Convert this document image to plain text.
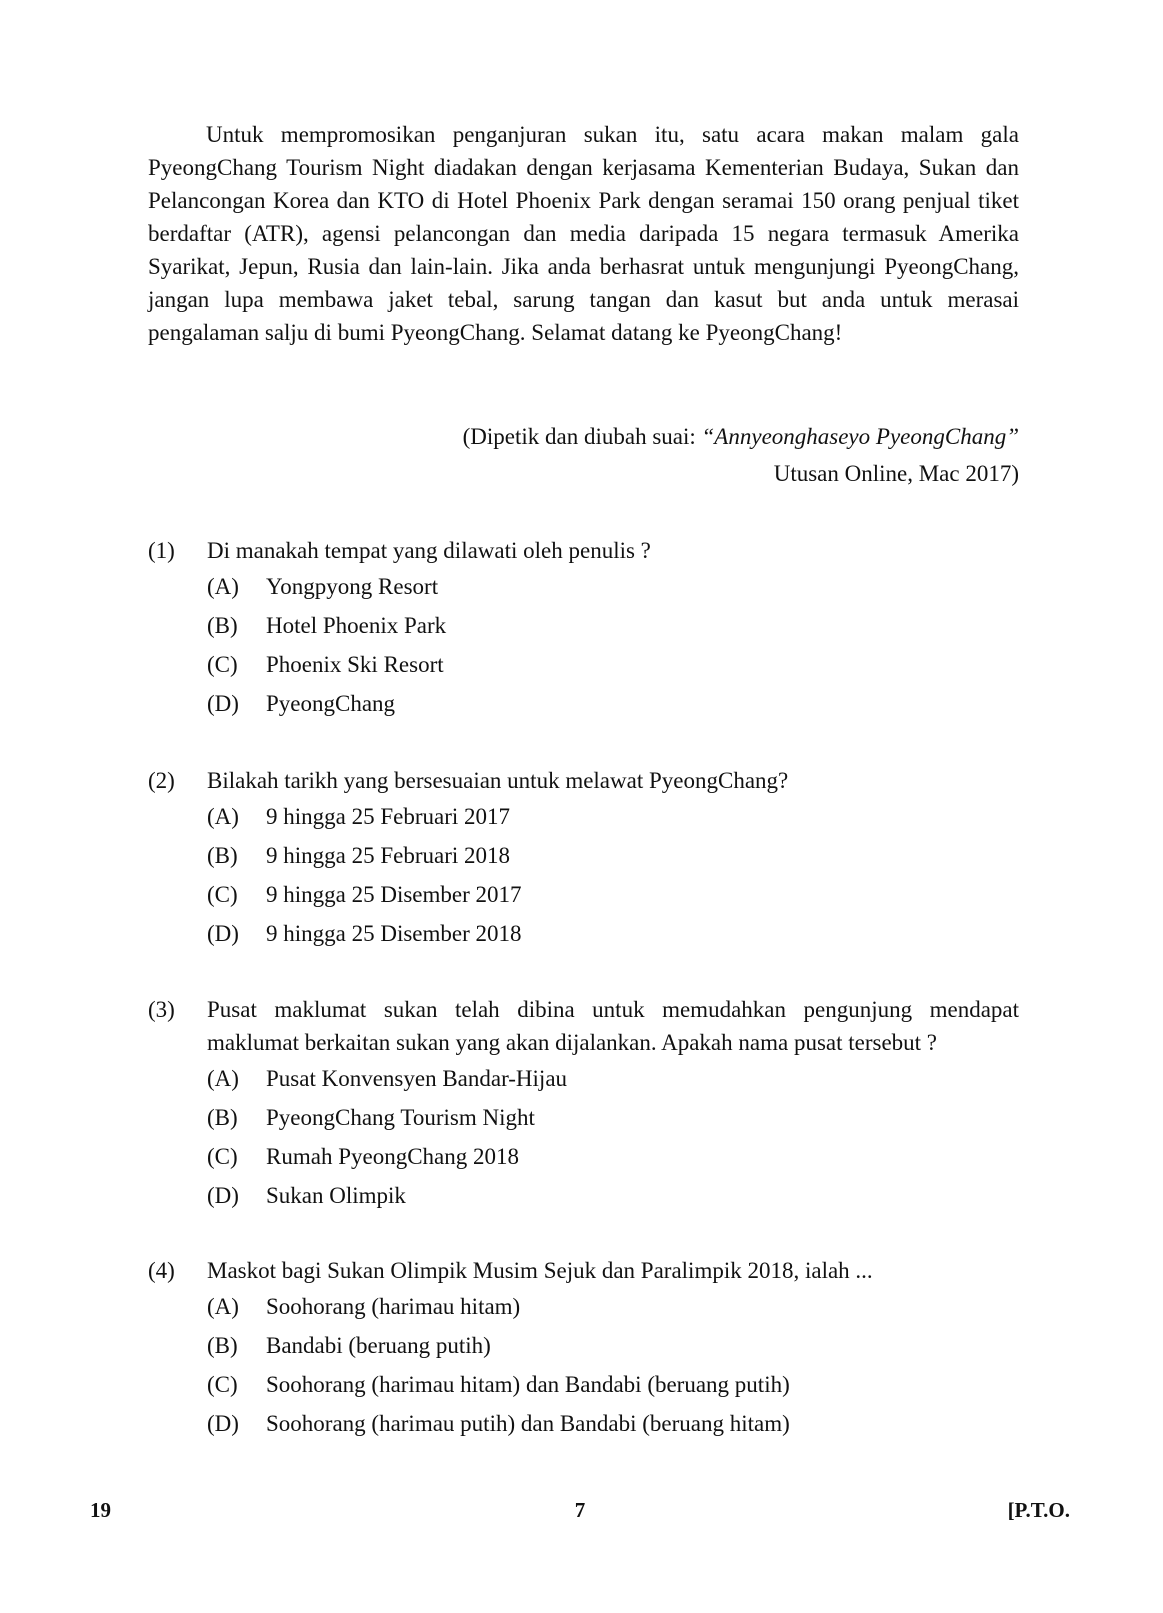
Untuk mempromosikan penganjuran sukan itu, satu acara makan malam gala PyeongChang Tourism Night diadakan dengan kerjasama Kementerian Budaya, Sukan dan Pelancongan Korea dan KTO di Hotel Phoenix Park dengan seramai 150 orang penjual tiket berdaftar (ATR), agensi pelancongan dan media daripada 15 negara termasuk Amerika Syarikat, Jepun, Rusia dan lain-lain. Jika anda berhasrat untuk mengunjungi PyeongChang, jangan lupa membawa jaket tebal, sarung tangan dan kasut but anda untuk merasai pengalaman salju di bumi PyeongChang. Selamat datang ke PyeongChang!

(Dipetik dan diubah suai: “Annyeonghaseyo PyeongChang”

Utusan Online, Mac 2017)

(1)	Di manakah tempat yang dilawati oleh penulis ?
(A)	Yongpyong Resort
(B)	Hotel Phoenix Park
(C)	Phoenix Ski Resort
(D)	PyeongChang
(2)	Bilakah tarikh yang bersesuaian untuk melawat PyeongChang?
(A)	9 hingga 25 Februari 2017
(B)	9 hingga 25 Februari 2018
(C)	9 hingga 25 Disember 2017
(D)	9 hingga 25 Disember 2018
(3)	Pusat maklumat sukan telah dibina untuk memudahkan pengunjung mendapat maklumat berkaitan sukan yang akan dijalankan. Apakah nama pusat tersebut ?
(A)	Pusat Konvensyen Bandar-Hijau
(B)	PyeongChang Tourism Night
(C)	Rumah PyeongChang 2018
(D)	Sukan Olimpik
(4)	Maskot bagi Sukan Olimpik Musim Sejuk dan Paralimpik 2018, ialah ...
(A)	Soohorang (harimau hitam)
(B)	Bandabi (beruang putih)
(C)	Soohorang (harimau hitam) dan Bandabi (beruang putih)
(D)	Soohorang (harimau putih) dan Bandabi (beruang hitam)
19	7	[P.T.O.
